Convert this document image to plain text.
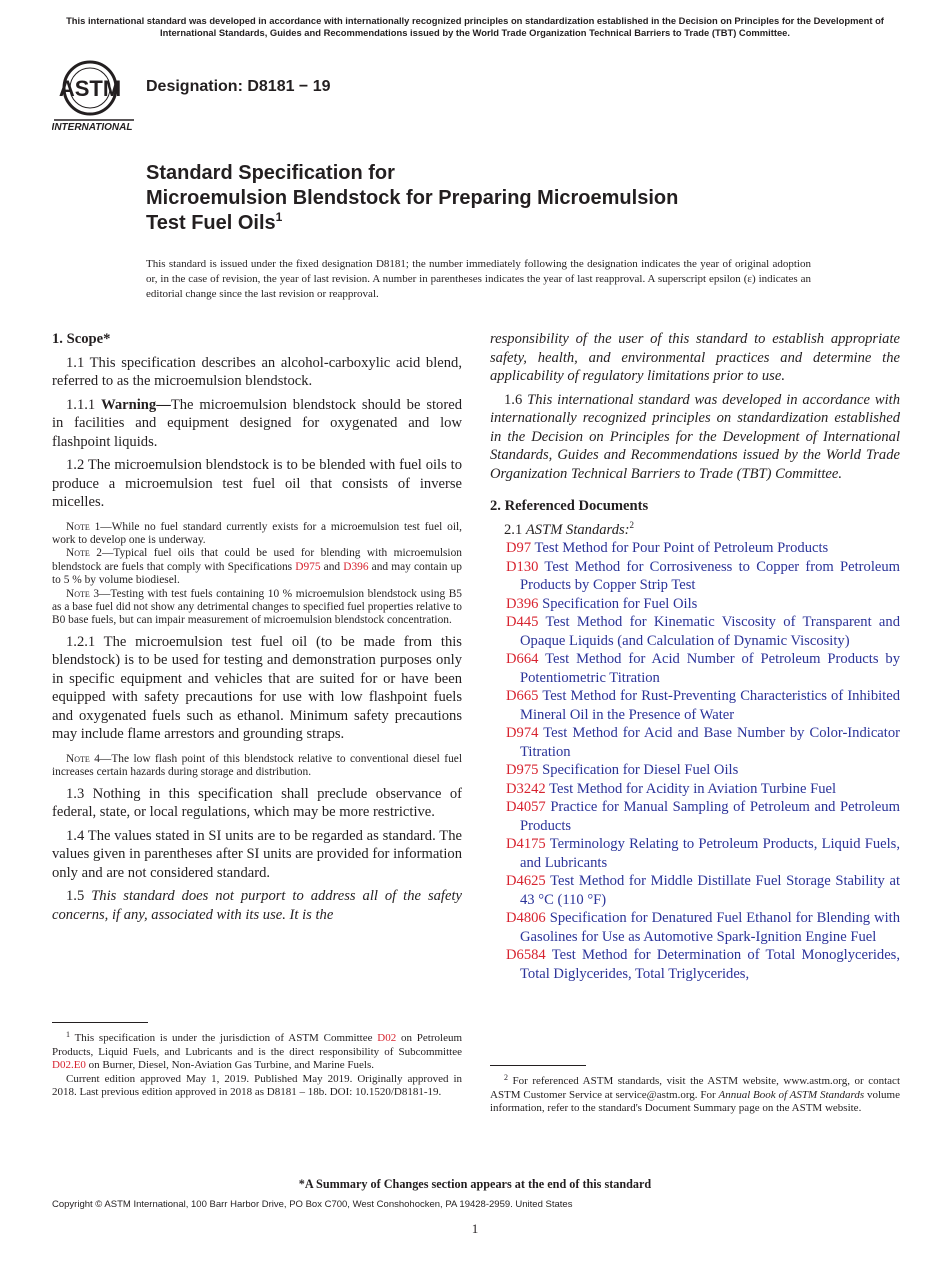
This international standard was developed in accordance with internationally recognized principles on standardization established in the Decision on Principles for the Development of International Standards, Guides and Recommendations issued by the World Trade Organization Technical Barriers to Trade (TBT) Committee.
ASTM
INTERNATIONAL
Designation: D8181 − 19
Standard Specification for
Microemulsion Blendstock for Preparing Microemulsion
Test Fuel Oils$^1$
This standard is issued under the fixed designation D8181; the number immediately following the designation indicates the year of original adoption or, in the case of revision, the year of last revision. A number in parentheses indicates the year of last reapproval. A superscript epsilon (ε) indicates an editorial change since the last revision or reapproval.

1. Scope*

1.1 This specification describes an alcohol-carboxylic acid blend, referred to as the microemulsion blendstock.

1.1.1 Warning—The microemulsion blendstock should be stored in facilities and equipment designed for oxygenated and low flashpoint liquids.

1.2 The microemulsion blendstock is to be blended with fuel oils to produce a microemulsion test fuel oil that consists of inverse micelles.

Note 1—While no fuel standard currently exists for a microemulsion test fuel oil, work to develop one is underway.

Note 2—Typical fuel oils that could be used for blending with microemulsion blendstock are fuels that comply with Specifications D975 and D396 and may contain up to 5 % by volume biodiesel.

Note 3—Testing with test fuels containing 10 % microemulsion blendstock using B5 as a base fuel did not show any detrimental changes to specified fuel properties relative to B0 base fuels, but can impair measurement of microemulsion blendstock concentration.

1.2.1 The microemulsion test fuel oil (to be made from this blendstock) is to be used for testing and demonstration purposes only in specific equipment and vehicles that are suited for or have been equipped with safety precautions for use with low flashpoint fuels and oxygenated fuels such as ethanol. Minimum safety precautions may include flame arrestors and grounding straps.

Note 4—The low flash point of this blendstock relative to conventional diesel fuel increases certain hazards during storage and distribution.

1.3 Nothing in this specification shall preclude observance of federal, state, or local regulations, which may be more restrictive.

1.4 The values stated in SI units are to be regarded as standard. The values given in parentheses after SI units are provided for information only and are not considered standard.

1.5 This standard does not purport to address all of the safety concerns, if any, associated with its use. It is the

responsibility of the user of this standard to establish appropriate safety, health, and environmental practices and determine the applicability of regulatory limitations prior to use.

1.6 This international standard was developed in accordance with internationally recognized principles on standardization established in the Decision on Principles for the Development of International Standards, Guides and Recommendations issued by the World Trade Organization Technical Barriers to Trade (TBT) Committee.

2. Referenced Documents

2.1 ASTM Standards:$^2$

D97 Test Method for Pour Point of Petroleum Products

D130 Test Method for Corrosiveness to Copper from Petroleum Products by Copper Strip Test

D396 Specification for Fuel Oils

D445 Test Method for Kinematic Viscosity of Transparent and Opaque Liquids (and Calculation of Dynamic Viscosity)

D664 Test Method for Acid Number of Petroleum Products by Potentiometric Titration

D665 Test Method for Rust-Preventing Characteristics of Inhibited Mineral Oil in the Presence of Water

D974 Test Method for Acid and Base Number by Color-Indicator Titration

D975 Specification for Diesel Fuel Oils

D3242 Test Method for Acidity in Aviation Turbine Fuel

D4057 Practice for Manual Sampling of Petroleum and Petroleum Products

D4175 Terminology Relating to Petroleum Products, Liquid Fuels, and Lubricants

D4625 Test Method for Middle Distillate Fuel Storage Stability at 43 °C (110 °F)

D4806 Specification for Denatured Fuel Ethanol for Blending with Gasolines for Use as Automotive Spark-Ignition Engine Fuel

D6584 Test Method for Determination of Total Monoglycerides, Total Diglycerides, Total Triglycerides,

$^1$ This specification is under the jurisdiction of ASTM Committee D02 on Petroleum Products, Liquid Fuels, and Lubricants and is the direct responsibility of Subcommittee D02.E0 on Burner, Diesel, Non-Aviation Gas Turbine, and Marine Fuels.

Current edition approved May 1, 2019. Published May 2019. Originally approved in 2018. Last previous edition approved in 2018 as D8181 – 18b. DOI: 10.1520/D8181-19.

$^2$ For referenced ASTM standards, visit the ASTM website, www.astm.org, or contact ASTM Customer Service at service@astm.org. For Annual Book of ASTM Standards volume information, refer to the standard's Document Summary page on the ASTM website.

*A Summary of Changes section appears at the end of this standard
Copyright © ASTM International, 100 Barr Harbor Drive, PO Box C700, West Conshohocken, PA 19428-2959. United States
1
